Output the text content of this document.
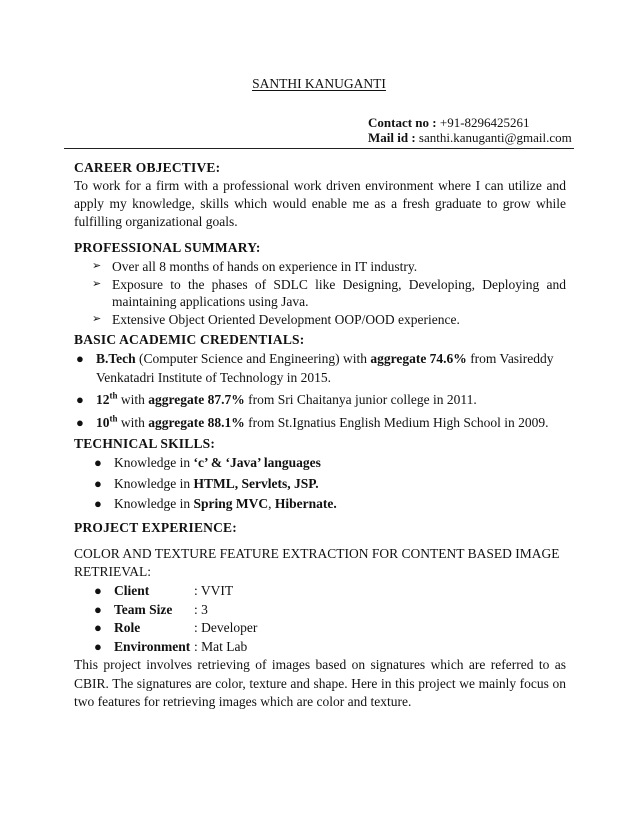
SANTHI KANUGANTI
Contact no : +91-8296425261
Mail id : santhi.kanuganti@gmail.com
CAREER OBJECTIVE:
To work for a firm with a professional work driven environment where I can utilize and apply my knowledge, skills which would enable me as a fresh graduate to grow while fulfilling organizational goals.
PROFESSIONAL SUMMARY:
➢ Over all 8 months of hands on experience in IT industry.
➢ Exposure to the phases of SDLC like Designing, Developing, Deploying and maintaining applications using Java.
➢ Extensive Object Oriented Development OOP/OOD experience.
BASIC ACADEMIC CREDENTIALS:
● B.Tech (Computer Science and Engineering) with aggregate 74.6% from Vasireddy Venkatadri Institute of Technology in 2015.
● 12th with aggregate 87.7% from Sri Chaitanya junior college in 2011.
● 10th with aggregate 88.1% from St.Ignatius English Medium High School in 2009.
TECHNICAL SKILLS:
● Knowledge in ‘c’ & ‘Java’ languages
● Knowledge in HTML, Servlets, JSP.
● Knowledge in Spring MVC, Hibernate.
PROJECT EXPERIENCE:
COLOR AND TEXTURE FEATURE EXTRACTION FOR CONTENT BASED IMAGE RETRIEVAL:
● Client	: VVIT
● Team Size : 3
● Role	: Developer
● Environment : Mat Lab
This project involves retrieving of images based on signatures which are referred to as CBIR. The signatures are color, texture and shape. Here in this project we mainly focus on two features for retrieving images which are color and texture.
